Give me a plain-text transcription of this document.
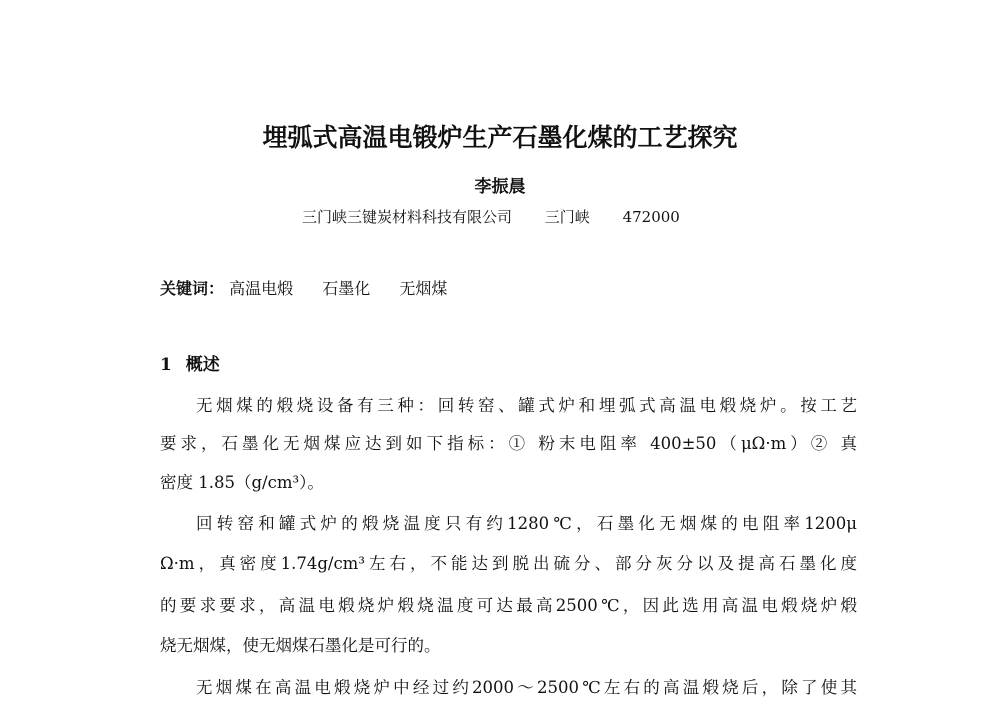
埋弧式高温电锻炉生产石墨化煤的工艺探究
李振晨
三门峡三键炭材料科技有限公司 三门峡 472000
关键词： 高温电煅 石墨化 无烟煤
1 概述
无烟煤的煅烧设备有三种：回转窑、罐式炉和埋弧式高温电煅烧炉。按工艺
要求，石墨化无烟煤应达到如下指标：① 粉末电阻率 400±50（μΩ·m）② 真
密度 1.85（g/cm³）。
回转窑和罐式炉的煅烧温度只有约1280℃，石墨化无烟煤的电阻率1200μ
Ω·m，真密度1.74g/cm³左右，不能达到脱出硫分、部分灰分以及提高石墨化度
的要求要求，高温电煅烧炉煅烧温度可达最高2500℃，因此选用高温电煅烧炉煅
烧无烟煤，使无烟煤石墨化是可行的。
无烟煤在高温电煅烧炉中经过约2000～2500℃左右的高温煅烧后，除了使其
